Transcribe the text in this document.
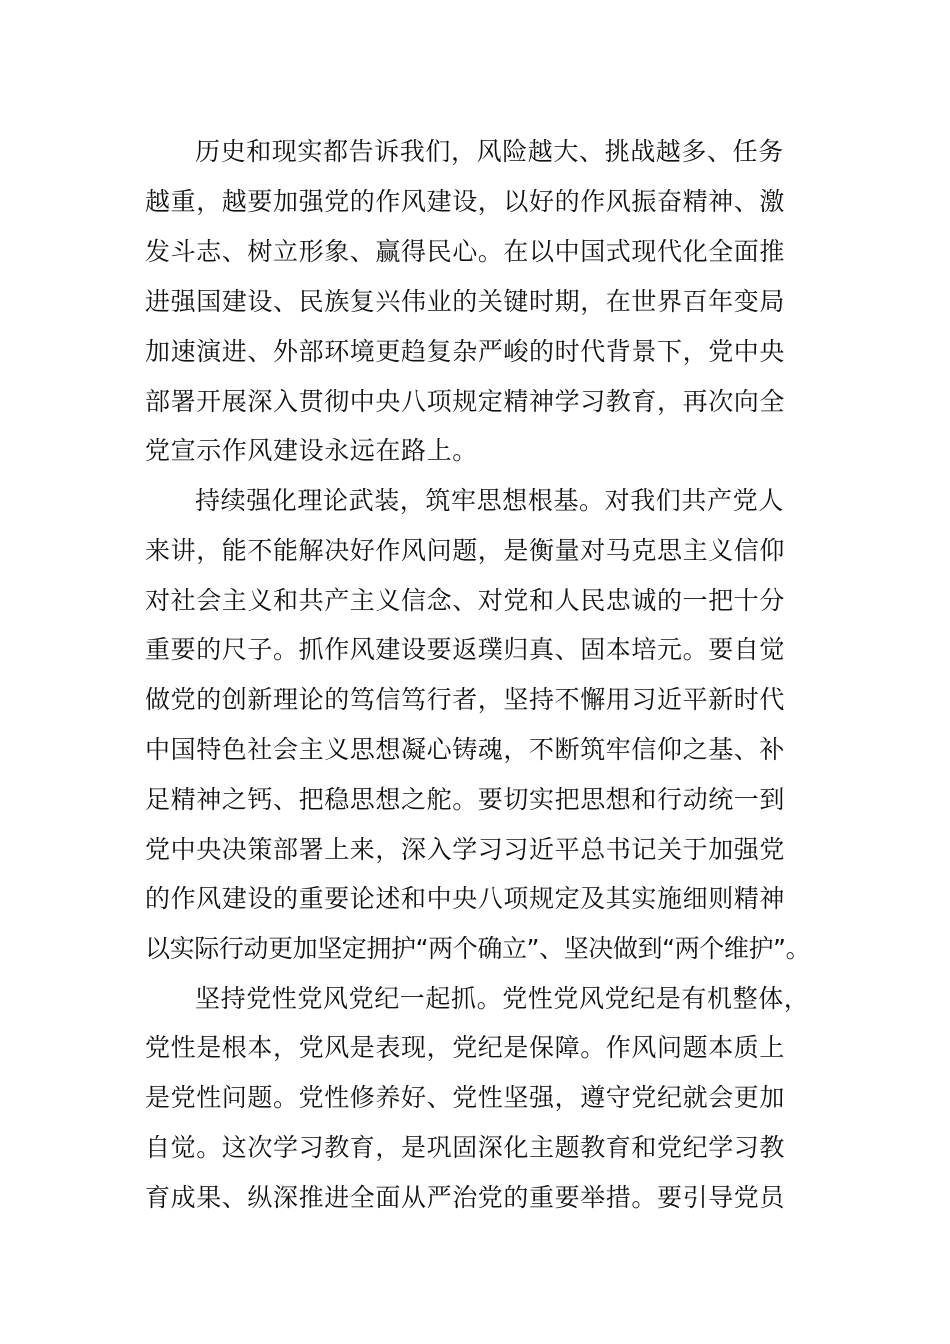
历史和现实都告诉我们，风险越大、挑战越多、任务
越重，越要加强党的作风建设，以好的作风振奋精神、激
发斗志、树立形象、赢得民心。在以中国式现代化全面推
进强国建设、民族复兴伟业的关键时期，在世界百年变局
加速演进、外部环境更趋复杂严峻的时代背景下，党中央
部署开展深入贯彻中央八项规定精神学习教育，再次向全
党宣示作风建设永远在路上。
持续强化理论武装，筑牢思想根基。对我们共产党人
来讲，能不能解决好作风问题，是衡量对马克思主义信仰
对社会主义和共产主义信念、对党和人民忠诚的一把十分
重要的尺子。抓作风建设要返璞归真、固本培元。要自觉
做党的创新理论的笃信笃行者，坚持不懈用习近平新时代
中国特色社会主义思想凝心铸魂，不断筑牢信仰之基、补
足精神之钙、把稳思想之舵。要切实把思想和行动统一到
党中央决策部署上来，深入学习习近平总书记关于加强党
的作风建设的重要论述和中央八项规定及其实施细则精神
以实际行动更加坚定拥护“两个确立”、坚决做到“两个维护”。
坚持党性党风党纪一起抓。党性党风党纪是有机整体，
党性是根本，党风是表现，党纪是保障。作风问题本质上
是党性问题。党性修养好、党性坚强，遵守党纪就会更加
自觉。这次学习教育，是巩固深化主题教育和党纪学习教
育成果、纵深推进全面从严治党的重要举措。要引导党员
